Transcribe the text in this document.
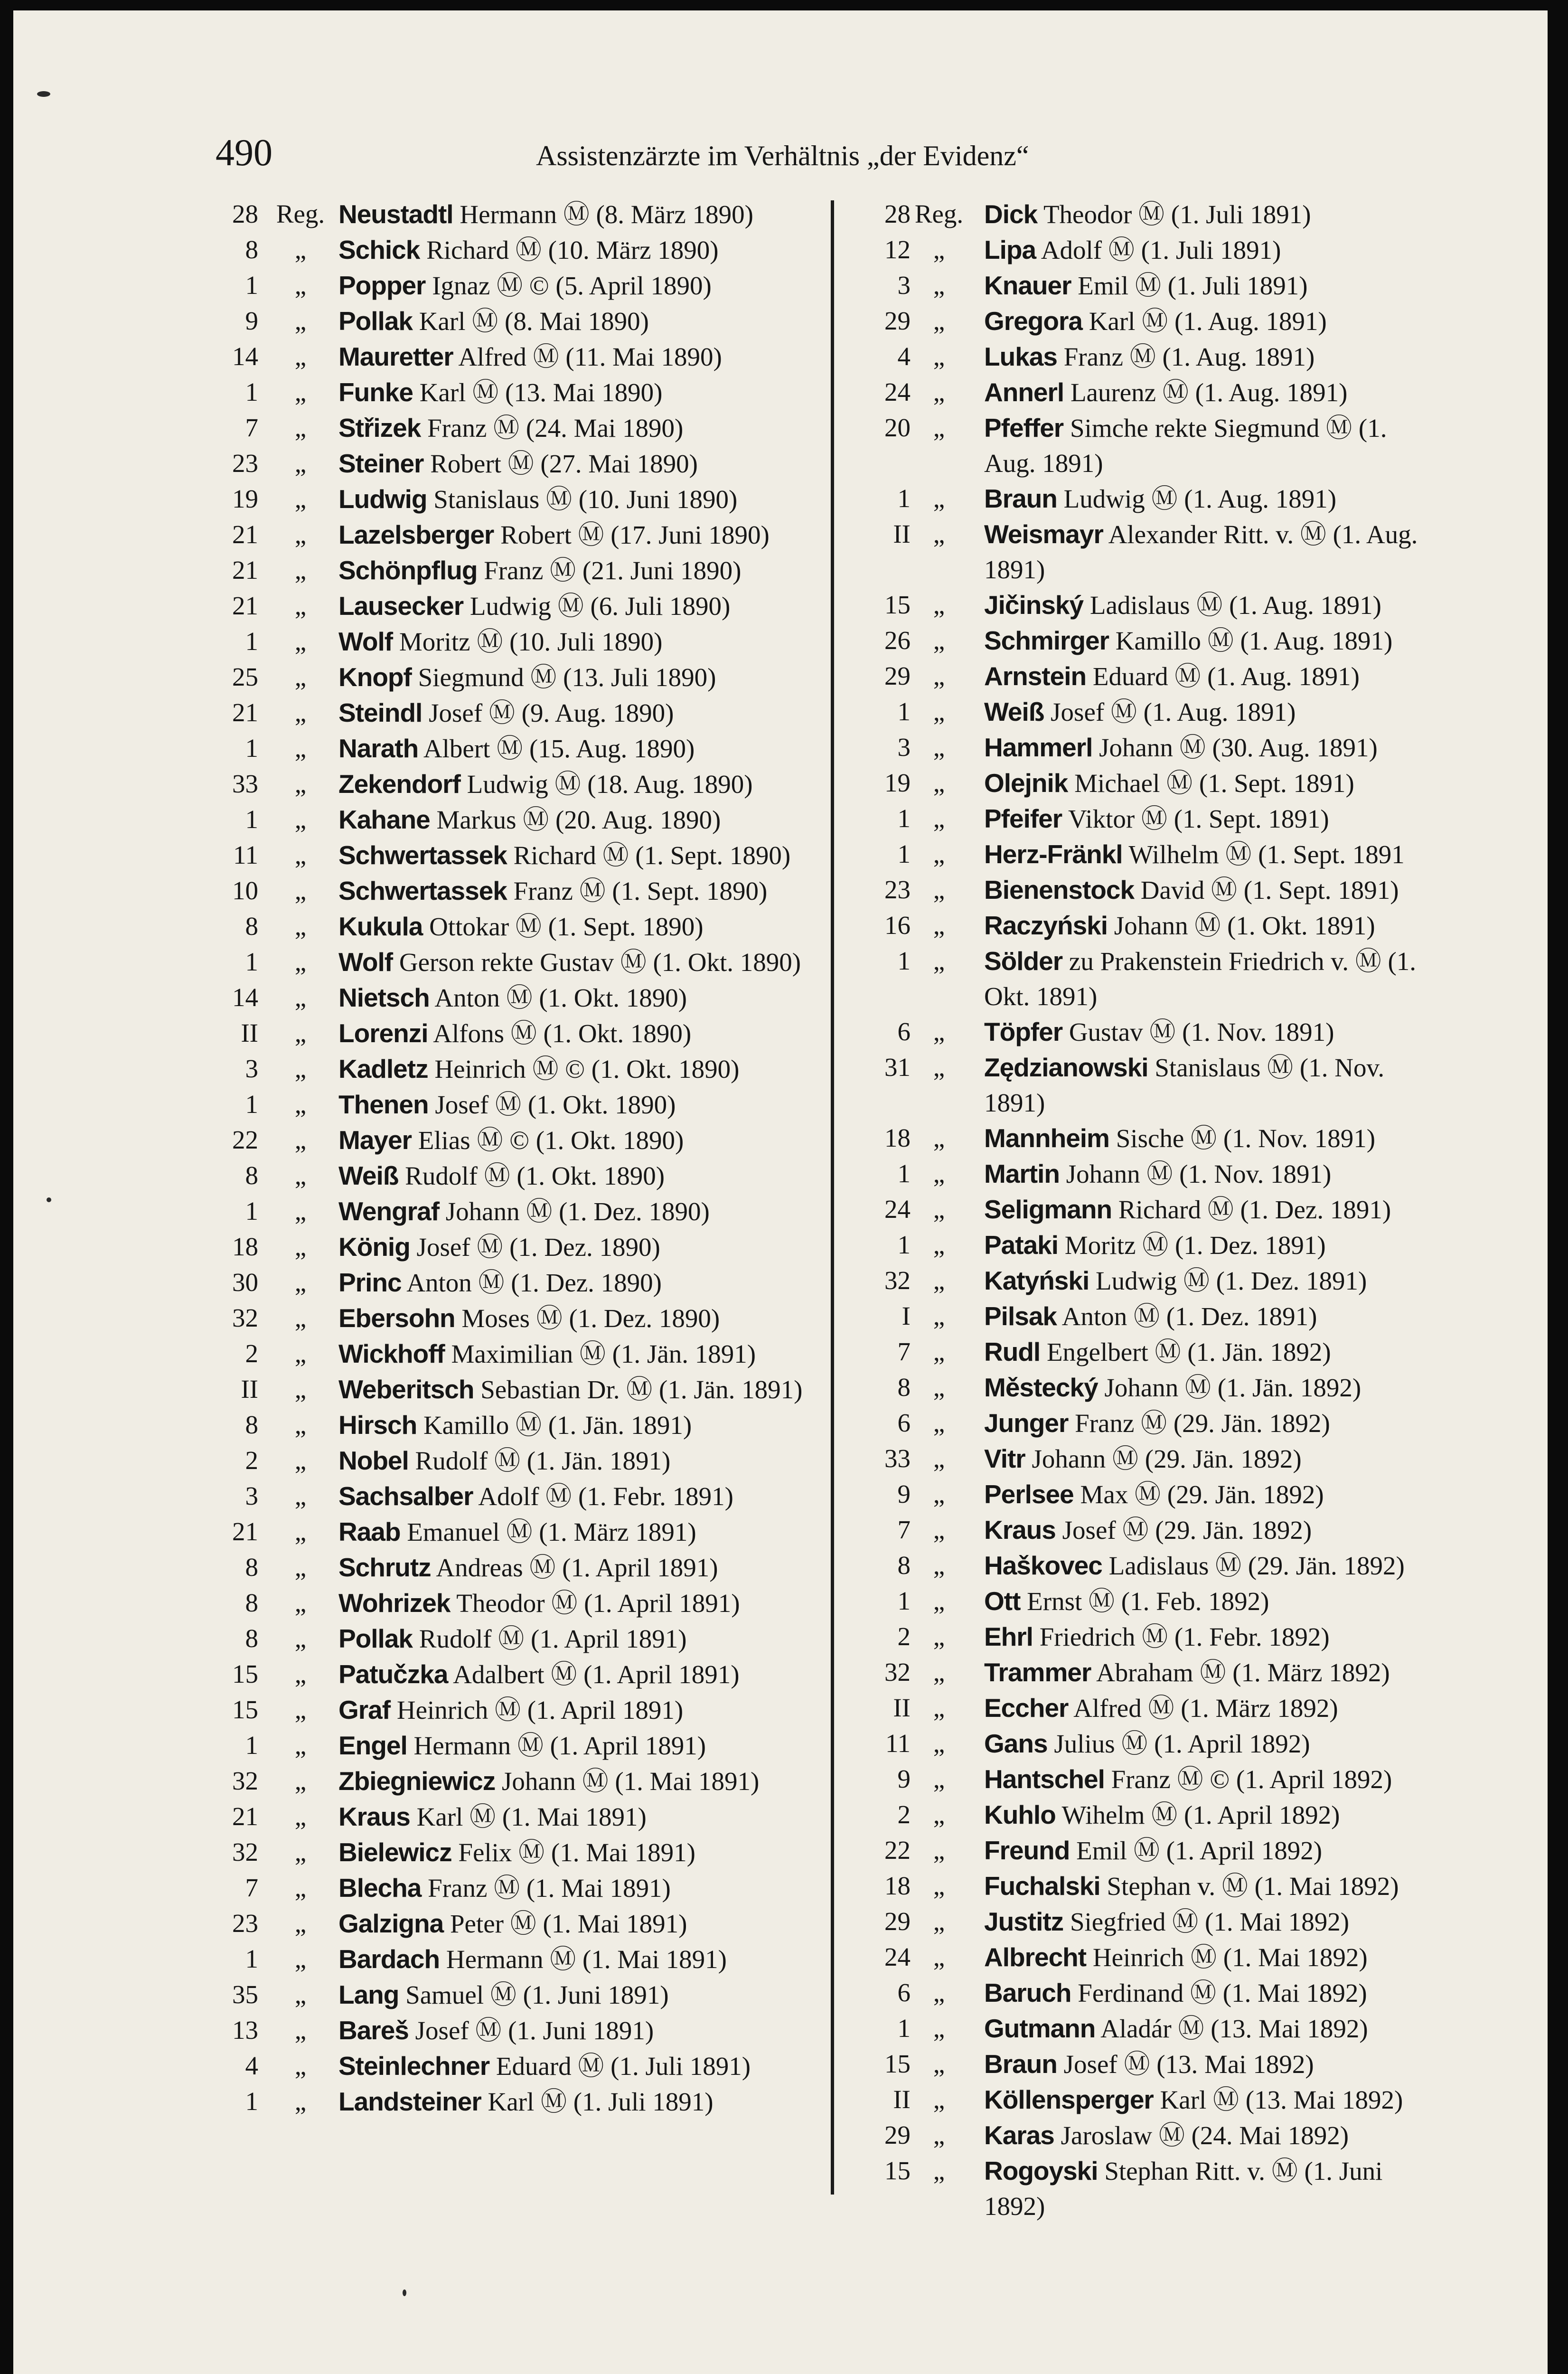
490	Assistenzärzte im Verhältnis „der Evidenz“
28 Reg. Neustadtl Hermann Ⓜ (8. März 1890)
8	„	Schick Richard Ⓜ (10. März 1890)
1	„	Popper Ignaz Ⓜ © (5. April 1890)
9	„	Pollak Karl Ⓜ (8. Mai 1890)
14	„	Mauretter Alfred Ⓜ (11. Mai 1890)
1	„	Funke Karl Ⓜ (13. Mai 1890)
7	„	Střizek Franz Ⓜ (24. Mai 1890)
23	„	Steiner Robert Ⓜ (27. Mai 1890)
19	„	Ludwig Stanislaus Ⓜ (10. Juni 1890)
21	„	Lazelsberger Robert Ⓜ (17. Juni 1890)
21	„	Schönpflug Franz Ⓜ (21. Juni 1890)
21	„	Lausecker Ludwig Ⓜ (6. Juli 1890)
1	„	Wolf Moritz Ⓜ (10. Juli 1890)
25	„	Knopf Siegmund Ⓜ (13. Juli 1890)
21	„	Steindl Josef Ⓜ (9. Aug. 1890)
1	„	Narath Albert Ⓜ (15. Aug. 1890)
33	„	Zekendorf Ludwig Ⓜ (18. Aug. 1890)
1	„	Kahane Markus Ⓜ (20. Aug. 1890)
11	„	Schwertassek Richard Ⓜ (1. Sept. 1890)
10	„	Schwertassek Franz Ⓜ (1. Sept. 1890)
8	„	Kukula Ottokar Ⓜ (1. Sept. 1890)
1	„	Wolf Gerson rekte Gustav Ⓜ (1. Okt. 1890)
14	„	Nietsch Anton Ⓜ (1. Okt. 1890)
II	„	Lorenzi Alfons Ⓜ (1. Okt. 1890)
3	„	Kadletz Heinrich Ⓜ © (1. Okt. 1890)
1	„	Thenen Josef Ⓜ (1. Okt. 1890)
22	„	Mayer Elias Ⓜ © (1. Okt. 1890)
8	„	Weiß Rudolf Ⓜ (1. Okt. 1890)
1	„	Wengraf Johann Ⓜ (1. Dez. 1890)
18	„	König Josef Ⓜ (1. Dez. 1890)
30	„	Princ Anton Ⓜ (1. Dez. 1890)
32	„	Ebersohn Moses Ⓜ (1. Dez. 1890)
2	„	Wickhoff Maximilian Ⓜ (1. Jän. 1891)
II	„	Weberitsch Sebastian Dr. Ⓜ (1. Jän. 1891)
8	„	Hirsch Kamillo Ⓜ (1. Jän. 1891)
2	„	Nobel Rudolf Ⓜ (1. Jän. 1891)
3	„	Sachsalber Adolf Ⓜ (1. Febr. 1891)
21	„	Raab Emanuel Ⓜ (1. März 1891)
8	„	Schrutz Andreas Ⓜ (1. April 1891)
8	„	Wohrizek Theodor Ⓜ (1. April 1891)
8	„	Pollak Rudolf Ⓜ (1. April 1891)
15	„	Patučzka Adalbert Ⓜ (1. April 1891)
15	„	Graf Heinrich Ⓜ (1. April 1891)
1	„	Engel Hermann Ⓜ (1. April 1891)
32	„	Zbiegniewicz Johann Ⓜ (1. Mai 1891)
21	„	Kraus Karl Ⓜ (1. Mai 1891)
32	„	Bielewicz Felix Ⓜ (1. Mai 1891)
7	„	Blecha Franz Ⓜ (1. Mai 1891)
23	„	Galzigna Peter Ⓜ (1. Mai 1891)
1	„	Bardach Hermann Ⓜ (1. Mai 1891)
35	„	Lang Samuel Ⓜ (1. Juni 1891)
13	„	Bareš Josef Ⓜ (1. Juni 1891)
4	„	Steinlechner Eduard Ⓜ (1. Juli 1891)
1	„	Landsteiner Karl Ⓜ (1. Juli 1891)
28 Reg. Dick Theodor Ⓜ (1. Juli 1891)
12 „	Lipa Adolf Ⓜ (1. Juli 1891)
3 „	Knauer Emil Ⓜ (1. Juli 1891)
29 „	Gregora Karl Ⓜ (1. Aug. 1891)
4 „	Lukas Franz Ⓜ (1. Aug. 1891)
24 „	Annerl Laurenz Ⓜ (1. Aug. 1891)
20 „	Pfeffer Simche rekte Siegmund Ⓜ (1. Aug. 1891)
1 „	Braun Ludwig Ⓜ (1. Aug. 1891)
II „	Weismayr Alexander Ritt. v. Ⓜ (1. Aug. 1891)
15 „	Jičinský Ladislaus Ⓜ (1. Aug. 1891)
26 „	Schmirger Kamillo Ⓜ (1. Aug. 1891)
29 „	Arnstein Eduard Ⓜ (1. Aug. 1891)
1 „	Weiß Josef Ⓜ (1. Aug. 1891)
3 „	Hammerl Johann Ⓜ (30. Aug. 1891)
19 „	Olejnik Michael Ⓜ (1. Sept. 1891)
1 „	Pfeifer Viktor Ⓜ (1. Sept. 1891)
1 „	Herz-Fränkl Wilhelm Ⓜ (1. Sept. 1891
23 „	Bienenstock David Ⓜ (1. Sept. 1891)
16 „	Raczyński Johann Ⓜ (1. Okt. 1891)
1 „	Sölder zu Prakenstein Friedrich v. Ⓜ (1. Okt. 1891)
6 „	Töpfer Gustav Ⓜ (1. Nov. 1891)
31 „	Zędzianowski Stanislaus Ⓜ (1. Nov. 1891)
18 „	Mannheim Sische Ⓜ (1. Nov. 1891)
1 „	Martin Johann Ⓜ (1. Nov. 1891)
24 „	Seligmann Richard Ⓜ (1. Dez. 1891)
1 „	Pataki Moritz Ⓜ (1. Dez. 1891)
32 „	Katyński Ludwig Ⓜ (1. Dez. 1891)
I „	Pilsak Anton Ⓜ (1. Dez. 1891)
7 „	Rudl Engelbert Ⓜ (1. Jän. 1892)
8 „	Městecký Johann Ⓜ (1. Jän. 1892)
6 „	Junger Franz Ⓜ (29. Jän. 1892)
33 „	Vitr Johann Ⓜ (29. Jän. 1892)
9 „	Perlsee Max Ⓜ (29. Jän. 1892)
7 „	Kraus Josef Ⓜ (29. Jän. 1892)
8 „	Haškovec Ladislaus Ⓜ (29. Jän. 1892)
1 „	Ott Ernst Ⓜ (1. Feb. 1892)
2 „	Ehrl Friedrich Ⓜ (1. Febr. 1892)
32 „	Trammer Abraham Ⓜ (1. März 1892)
II „	Eccher Alfred Ⓜ (1. März 1892)
11 „	Gans Julius Ⓜ (1. April 1892)
9 „	Hantschel Franz Ⓜ © (1. April 1892)
2 „	Kuhlo Wihelm Ⓜ (1. April 1892)
22 „	Freund Emil Ⓜ (1. April 1892)
18 „	Fuchalski Stephan v. Ⓜ (1. Mai 1892)
29 „	Justitz Siegfried Ⓜ (1. Mai 1892)
24 „	Albrecht Heinrich Ⓜ (1. Mai 1892)
6 „	Baruch Ferdinand Ⓜ (1. Mai 1892)
1 „	Gutmann Aladár Ⓜ (13. Mai 1892)
15 „	Braun Josef Ⓜ (13. Mai 1892)
II „	Köllensperger Karl Ⓜ (13. Mai 1892)
29 „	Karas Jaroslaw Ⓜ (24. Mai 1892)
15 „	Rogoyski Stephan Ritt. v. Ⓜ (1. Juni 1892)
